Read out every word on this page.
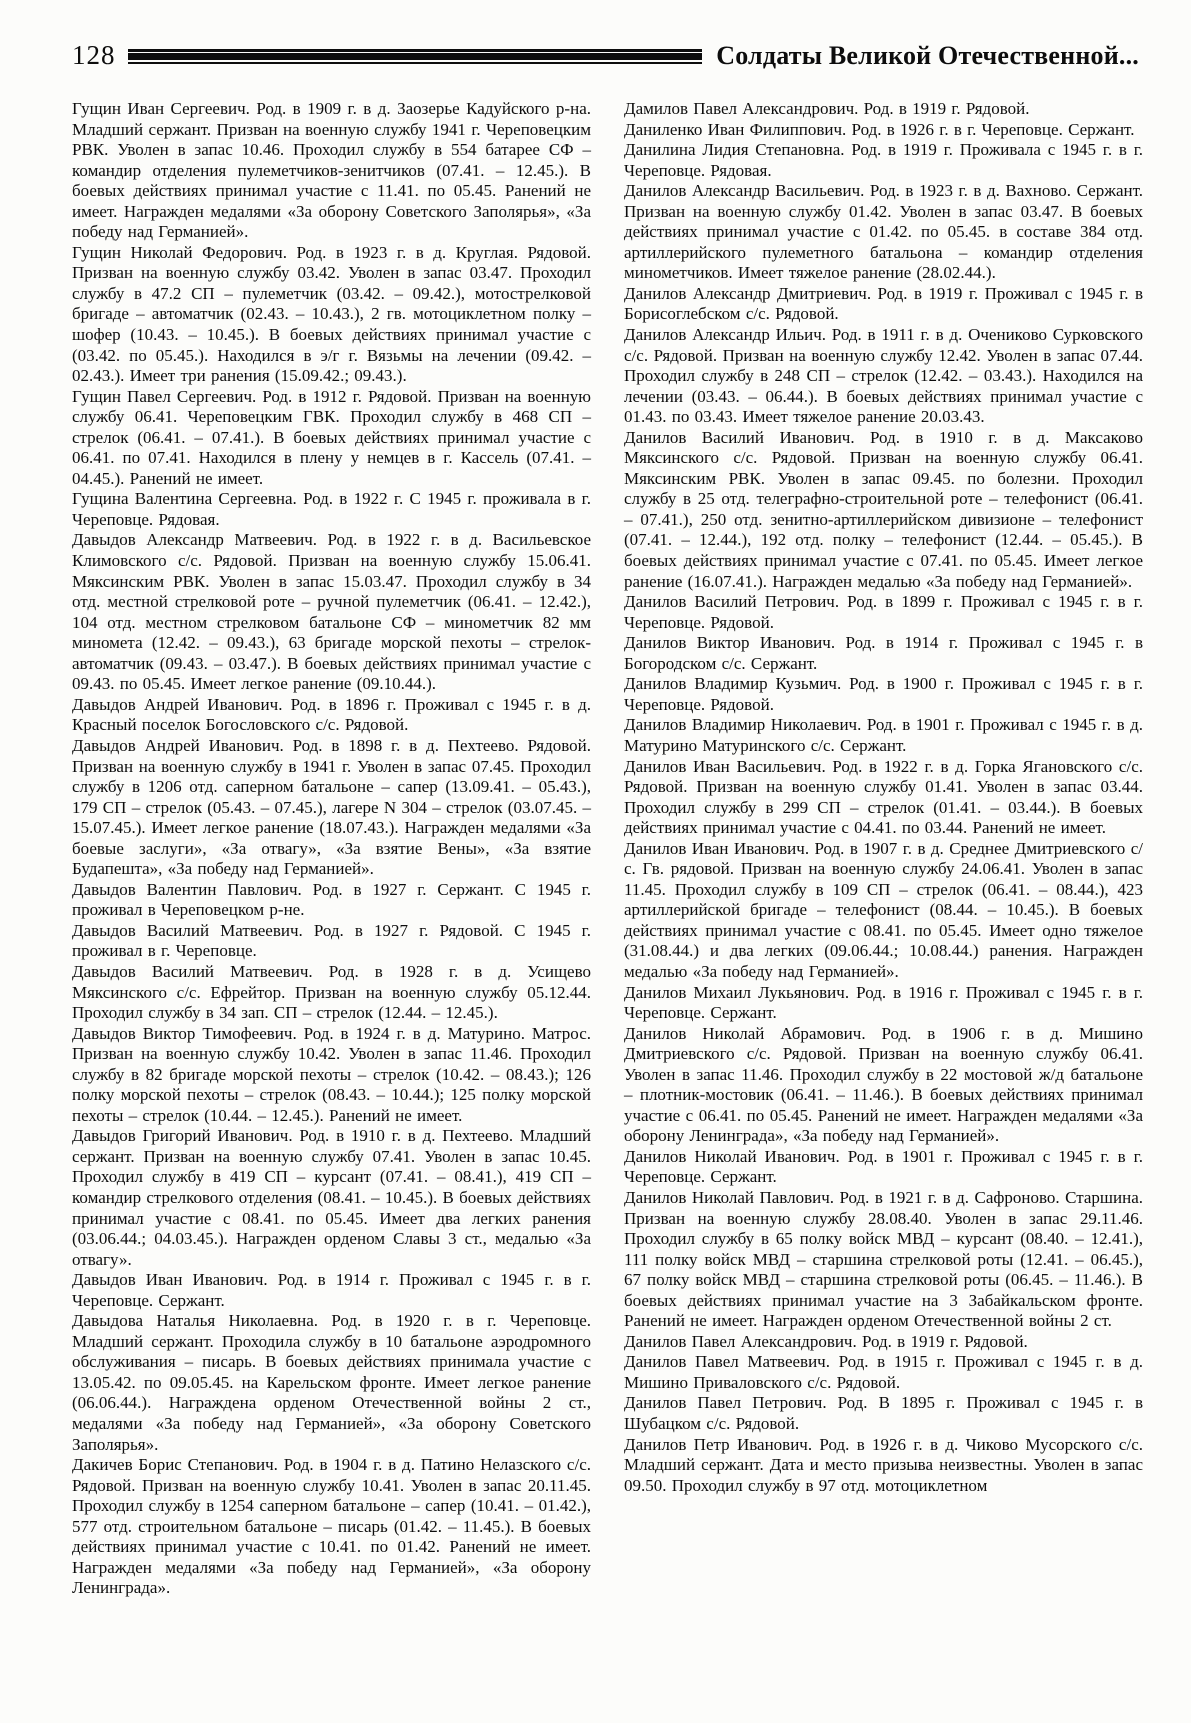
128	Солдаты Великой Отечественной...

Гущин Иван Сергеевич. Род. в 1909 г. в д. Заозерье Кадуйского р-на. Младший сержант. Призван на военную службу 1941 г. Череповецким РВК. Уволен в запас 10.46. Проходил службу в 554 батарее СФ – командир отделения пулеметчиков-зенитчиков (07.41. – 12.45.). В боевых действиях принимал участие с 11.41. по 05.45. Ранений не имеет. Награжден медалями «За оборону Советского Заполярья», «За победу над Германией».

Гущин Николай Федорович. Род. в 1923 г. в д. Круглая. Рядовой. Призван на военную службу 03.42. Уволен в запас 03.47. Проходил службу в 47.2 СП – пулеметчик (03.42. – 09.42.), мотострелковой бригаде – автоматчик (02.43. – 10.43.), 2 гв. мотоциклетном полку – шофер (10.43. – 10.45.). В боевых действиях принимал участие с (03.42. по 05.45.). Находился в э/г г. Вязьмы на лечении (09.42. – 02.43.). Имеет три ранения (15.09.42.; 09.43.).

Гущин Павел Сергеевич. Род. в 1912 г. Рядовой. Призван на военную службу 06.41. Череповецким ГВК. Проходил службу в 468 СП – стрелок (06.41. – 07.41.). В боевых действиях принимал участие с 06.41. по 07.41. Находился в плену у немцев в г. Кассель (07.41. – 04.45.). Ранений не имеет.

Гущина Валентина Сергеевна. Род. в 1922 г. С 1945 г. проживала в г. Череповце. Рядовая.

Давыдов Александр Матвеевич. Род. в 1922 г. в д. Васильевское Климовского с/с. Рядовой. Призван на военную службу 15.06.41. Мяксинским РВК. Уволен в запас 15.03.47. Проходил службу в 34 отд. местной стрелковой роте – ручной пулеметчик (06.41. – 12.42.), 104 отд. местном стрелковом батальоне СФ – минометчик 82 мм миномета (12.42. – 09.43.), 63 бригаде морской пехоты – стрелок-автоматчик (09.43. – 03.47.). В боевых действиях принимал участие с 09.43. по 05.45. Имеет легкое ранение (09.10.44.).

Давыдов Андрей Иванович. Род. в 1896 г. Проживал с 1945 г. в д. Красный поселок Богословского с/с. Рядовой.

Давыдов Андрей Иванович. Род. в 1898 г. в д. Пехтеево. Рядовой. Призван на военную службу в 1941 г. Уволен в запас 07.45. Проходил службу в 1206 отд. саперном батальоне – сапер (13.09.41. – 05.43.), 179 СП – стрелок (05.43. – 07.45.), лагере N 304 – стрелок (03.07.45. – 15.07.45.). Имеет легкое ранение (18.07.43.). Награжден медалями «За боевые заслуги», «За отвагу», «За взятие Вены», «За взятие Будапешта», «За победу над Германией».

Давыдов Валентин Павлович. Род. в 1927 г. Сержант. С 1945 г. проживал в Череповецком р-не.

Давыдов Василий Матвеевич. Род. в 1927 г. Рядовой. С 1945 г. проживал в г. Череповце.

Давыдов Василий Матвеевич. Род. в 1928 г. в д. Усищево Мяксинского с/с. Ефрейтор. Призван на военную службу 05.12.44. Проходил службу в 34 зап. СП – стрелок (12.44. – 12.45.).

Давыдов Виктор Тимофеевич. Род. в 1924 г. в д. Матурино. Матрос. Призван на военную службу 10.42. Уволен в запас 11.46. Проходил службу в 82 бригаде морской пехоты – стрелок (10.42. – 08.43.); 126 полку морской пехоты – стрелок (08.43. – 10.44.); 125 полку морской пехоты – стрелок (10.44. – 12.45.). Ранений не имеет.

Давыдов Григорий Иванович. Род. в 1910 г. в д. Пехтеево. Младший сержант. Призван на военную службу 07.41. Уволен в запас 10.45. Проходил службу в 419 СП – курсант (07.41. – 08.41.), 419 СП – командир стрелкового отделения (08.41. – 10.45.). В боевых действиях принимал участие с 08.41. по 05.45. Имеет два легких ранения (03.06.44.; 04.03.45.). Награжден орденом Славы 3 ст., медалью «За отвагу».

Давыдов Иван Иванович. Род. в 1914 г. Проживал с 1945 г. в г. Череповце. Сержант.

Давыдова Наталья Николаевна. Род. в 1920 г. в г. Череповце. Младший сержант. Проходила службу в 10 батальоне аэродромного обслуживания – писарь. В боевых действиях принимала участие с 13.05.42. по 09.05.45. на Карельском фронте. Имеет легкое ранение (06.06.44.). Награждена орденом Отечественной войны 2 ст., медалями «За победу над Германией», «За оборону Советского Заполярья».

Дакичев Борис Степанович. Род. в 1904 г. в д. Патино Нелазского с/с. Рядовой. Призван на военную службу 10.41. Уволен в запас 20.11.45. Проходил службу в 1254 саперном батальоне – сапер (10.41. – 01.42.), 577 отд. строительном батальоне – писарь (01.42. – 11.45.). В боевых действиях принимал участие с 10.41. по 01.42. Ранений не имеет. Награжден медалями «За победу над Германией», «За оборону Ленинграда».

Дамилов Павел Александрович. Род. в 1919 г. Рядовой.

Даниленко Иван Филиппович. Род. в 1926 г. в г. Череповце. Сержант.

Данилина Лидия Степановна. Род. в 1919 г. Проживала с 1945 г. в г. Череповце. Рядовая.

Данилов Александр Васильевич. Род. в 1923 г. в д. Вахново. Сержант. Призван на военную службу 01.42. Уволен в запас 03.47. В боевых действиях принимал участие с 01.42. по 05.45. в составе 384 отд. артиллерийского пулеметного батальона – командир отделения минометчиков. Имеет тяжелое ранение (28.02.44.).

Данилов Александр Дмитриевич. Род. в 1919 г. Проживал с 1945 г. в Борисоглебском с/с. Рядовой.

Данилов Александр Ильич. Род. в 1911 г. в д. Очениково Сурковского с/с. Рядовой. Призван на военную службу 12.42. Уволен в запас 07.44. Проходил службу в 248 СП – стрелок (12.42. – 03.43.). Находился на лечении (03.43. – 06.44.). В боевых действиях принимал участие с 01.43. по 03.43. Имеет тяжелое ранение 20.03.43.

Данилов Василий Иванович. Род. в 1910 г. в д. Максаково Мяксинского с/с. Рядовой. Призван на военную службу 06.41. Мяксинским РВК. Уволен в запас 09.45. по болезни. Проходил службу в 25 отд. телеграфно-строительной роте – телефонист (06.41. – 07.41.), 250 отд. зенитно-артиллерийском дивизионе – телефонист (07.41. – 12.44.), 192 отд. полку – телефонист (12.44. – 05.45.). В боевых действиях принимал участие с 07.41. по 05.45. Имеет легкое ранение (16.07.41.). Награжден медалью «За победу над Германией».

Данилов Василий Петрович. Род. в 1899 г. Проживал с 1945 г. в г. Череповце. Рядовой.

Данилов Виктор Иванович. Род. в 1914 г. Проживал с 1945 г. в Богородском с/с. Сержант.

Данилов Владимир Кузьмич. Род. в 1900 г. Проживал с 1945 г. в г. Череповце. Рядовой.

Данилов Владимир Николаевич. Род. в 1901 г. Проживал с 1945 г. в д. Матурино Матуринского с/с. Сержант.

Данилов Иван Васильевич. Род. в 1922 г. в д. Горка Ягановского с/с. Рядовой. Призван на военную службу 01.41. Уволен в запас 03.44. Проходил службу в 299 СП – стрелок (01.41. – 03.44.). В боевых действиях принимал участие с 04.41. по 03.44. Ранений не имеет.

Данилов Иван Иванович. Род. в 1907 г. в д. Среднее Дмитриевского с/с. Гв. рядовой. Призван на военную службу 24.06.41. Уволен в запас 11.45. Проходил службу в 109 СП – стрелок (06.41. – 08.44.), 423 артиллерийской бригаде – телефонист (08.44. – 10.45.). В боевых действиях принимал участие с 08.41. по 05.45. Имеет одно тяжелое (31.08.44.) и два легких (09.06.44.; 10.08.44.) ранения. Награжден медалью «За победу над Германией».

Данилов Михаил Лукьянович. Род. в 1916 г. Проживал с 1945 г. в г. Череповце. Сержант.

Данилов Николай Абрамович. Род. в 1906 г. в д. Мишино Дмитриевского с/с. Рядовой. Призван на военную службу 06.41. Уволен в запас 11.46. Проходил службу в 22 мостовой ж/д батальоне – плотник-мостовик (06.41. – 11.46.). В боевых действиях принимал участие с 06.41. по 05.45. Ранений не имеет. Награжден медалями «За оборону Ленинграда», «За победу над Германией».

Данилов Николай Иванович. Род. в 1901 г. Проживал с 1945 г. в г. Череповце. Сержант.

Данилов Николай Павлович. Род. в 1921 г. в д. Сафроново. Старшина. Призван на военную службу 28.08.40. Уволен в запас 29.11.46. Проходил службу в 65 полку войск МВД – курсант (08.40. – 12.41.), 111 полку войск МВД – старшина стрелковой роты (12.41. – 06.45.), 67 полку войск МВД – старшина стрелковой роты (06.45. – 11.46.). В боевых действиях принимал участие на 3 Забайкальском фронте. Ранений не имеет. Награжден орденом Отечественной войны 2 ст.

Данилов Павел Александрович. Род. в 1919 г. Рядовой.

Данилов Павел Матвеевич. Род. в 1915 г. Проживал с 1945 г. в д. Мишино Приваловского с/с. Рядовой.

Данилов Павел Петрович. Род. В 1895 г. Проживал с 1945 г. в Шубацком с/с. Рядовой.

Данилов Петр Иванович. Род. в 1926 г. в д. Чиково Мусорского с/с. Младший сержант. Дата и место призыва неизвестны. Уволен в запас 09.50. Проходил службу в 97 отд. мотоциклетном
